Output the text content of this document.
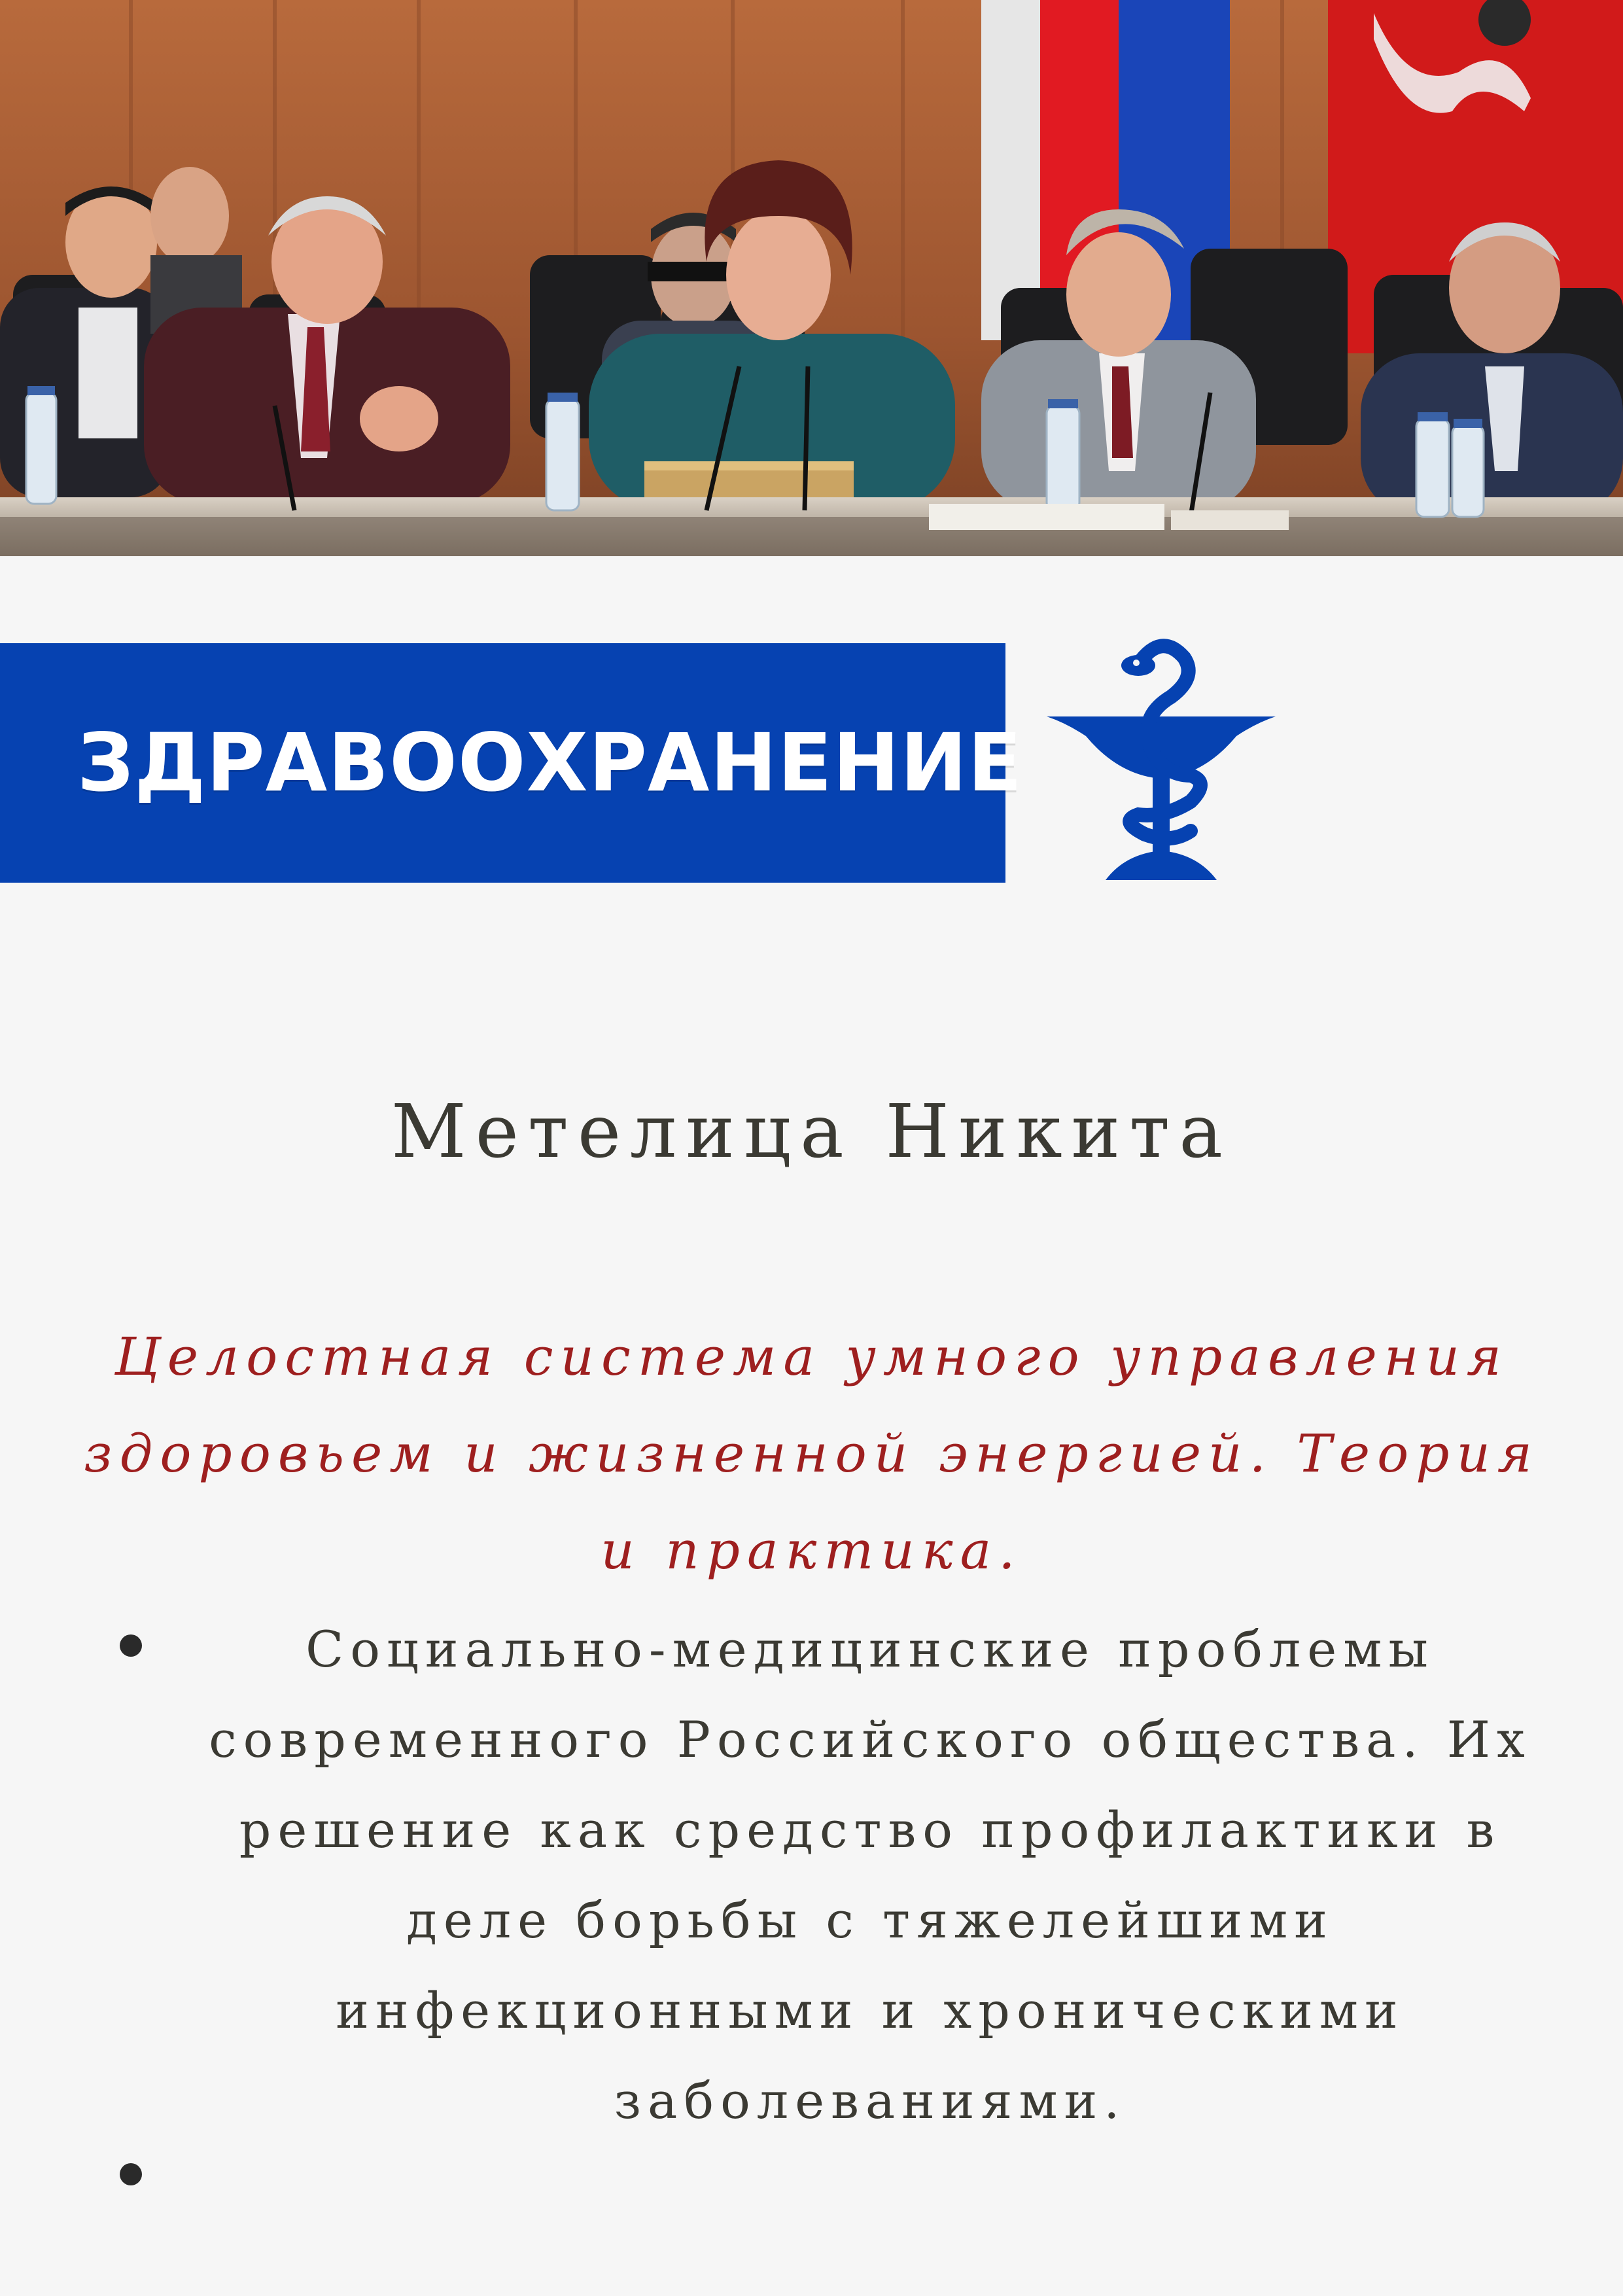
ЗДРАВООХРАНЕНИЕ
Метелица Никита
Целостная система умного управления здоровьем и жизненной энергией. Теория и практика.
Социально-медицинские проблемы современного Российского общества. Их решение как средство профилактики в деле борьбы с тяжелейшими инфекционными и хроническими заболеваниями.
